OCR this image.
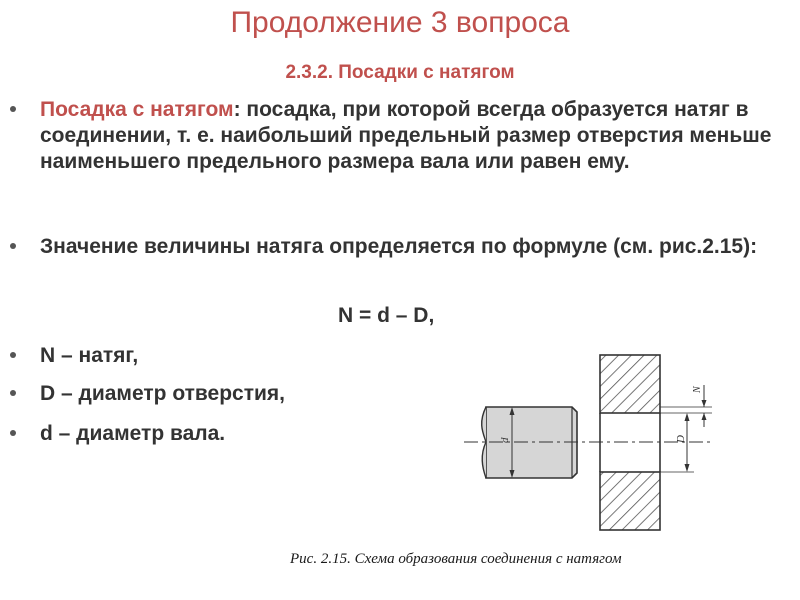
Продолжение 3 вопроса
2.3.2. Посадки с натягом
Посадка с натягом: посадка, при которой всегда образуется натяг в соединении, т. е. наибольший предельный размер отверстия меньше наименьшего предельного размера вала или равен ему.
Значение величины натяга определяется по формуле (см. рис.2.15):
N = d – D,
N – натяг,
D – диаметр отверстия,
d – диаметр вала.	d	D
N
Рис. 2.15. Схема образования соединения с натягом
